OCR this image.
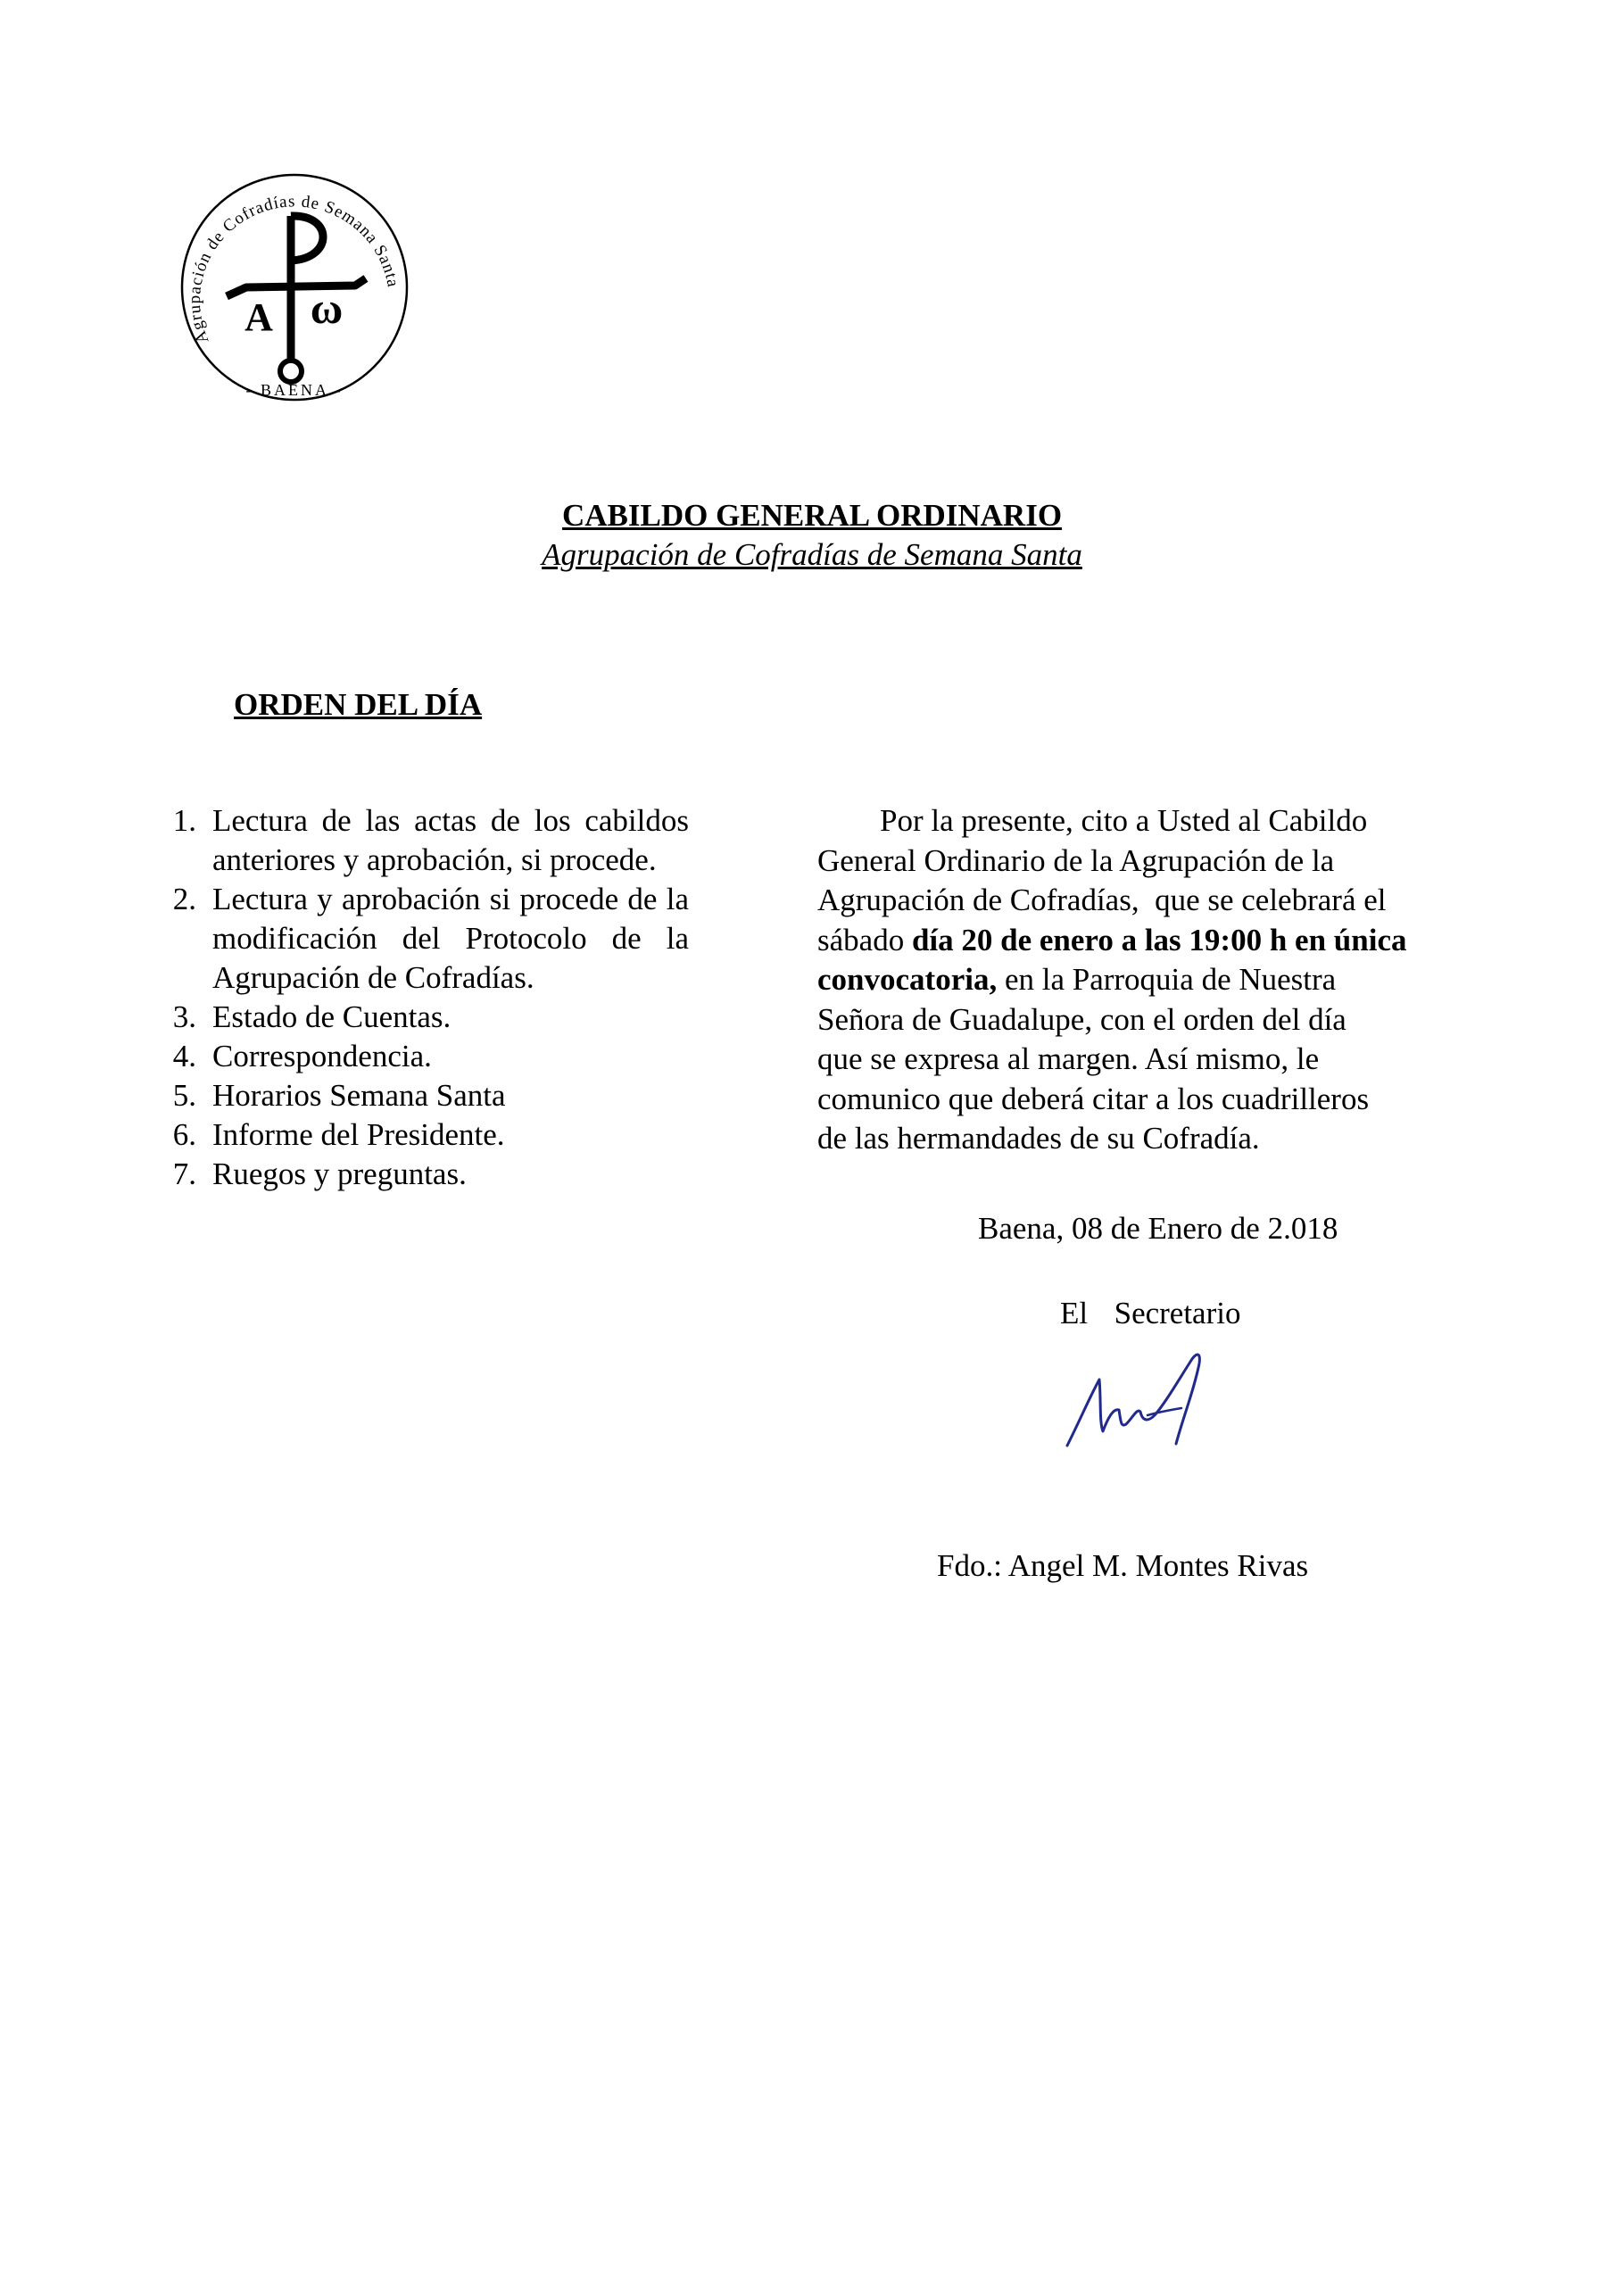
Agrupación de Cofradías de Semana Santa
- BAENA -
A ω
CABILDO GENERAL ORDINARIO
Agrupación de Cofradías de Semana Santa
ORDEN DEL DÍA
1. Lectura de las actas de los cabildos anteriores y aprobación, si procede.
2. Lectura y aprobación si procede de la modificación del Protocolo de la Agrupación de Cofradías.
3. Estado de Cuentas.
4. Correspondencia.
5. Horarios Semana Santa
6. Informe del Presidente.
7. Ruegos y preguntas.

Por la presente, cito a Usted al Cabildo
General Ordinario de la Agrupación de la
Agrupación de Cofradías,  que se celebrará el
sábado día 20 de enero a las 19:00 h en única
convocatoria, en la Parroquia de Nuestra
Señora de Guadalupe, con el orden del día
que se expresa al margen. Así mismo, le
comunico que deberá citar a los cuadrilleros
de las hermandades de su Cofradía.

Baena, 08 de Enero de 2.018
El  Secretario
Fdo.: Angel M. Montes Rivas
